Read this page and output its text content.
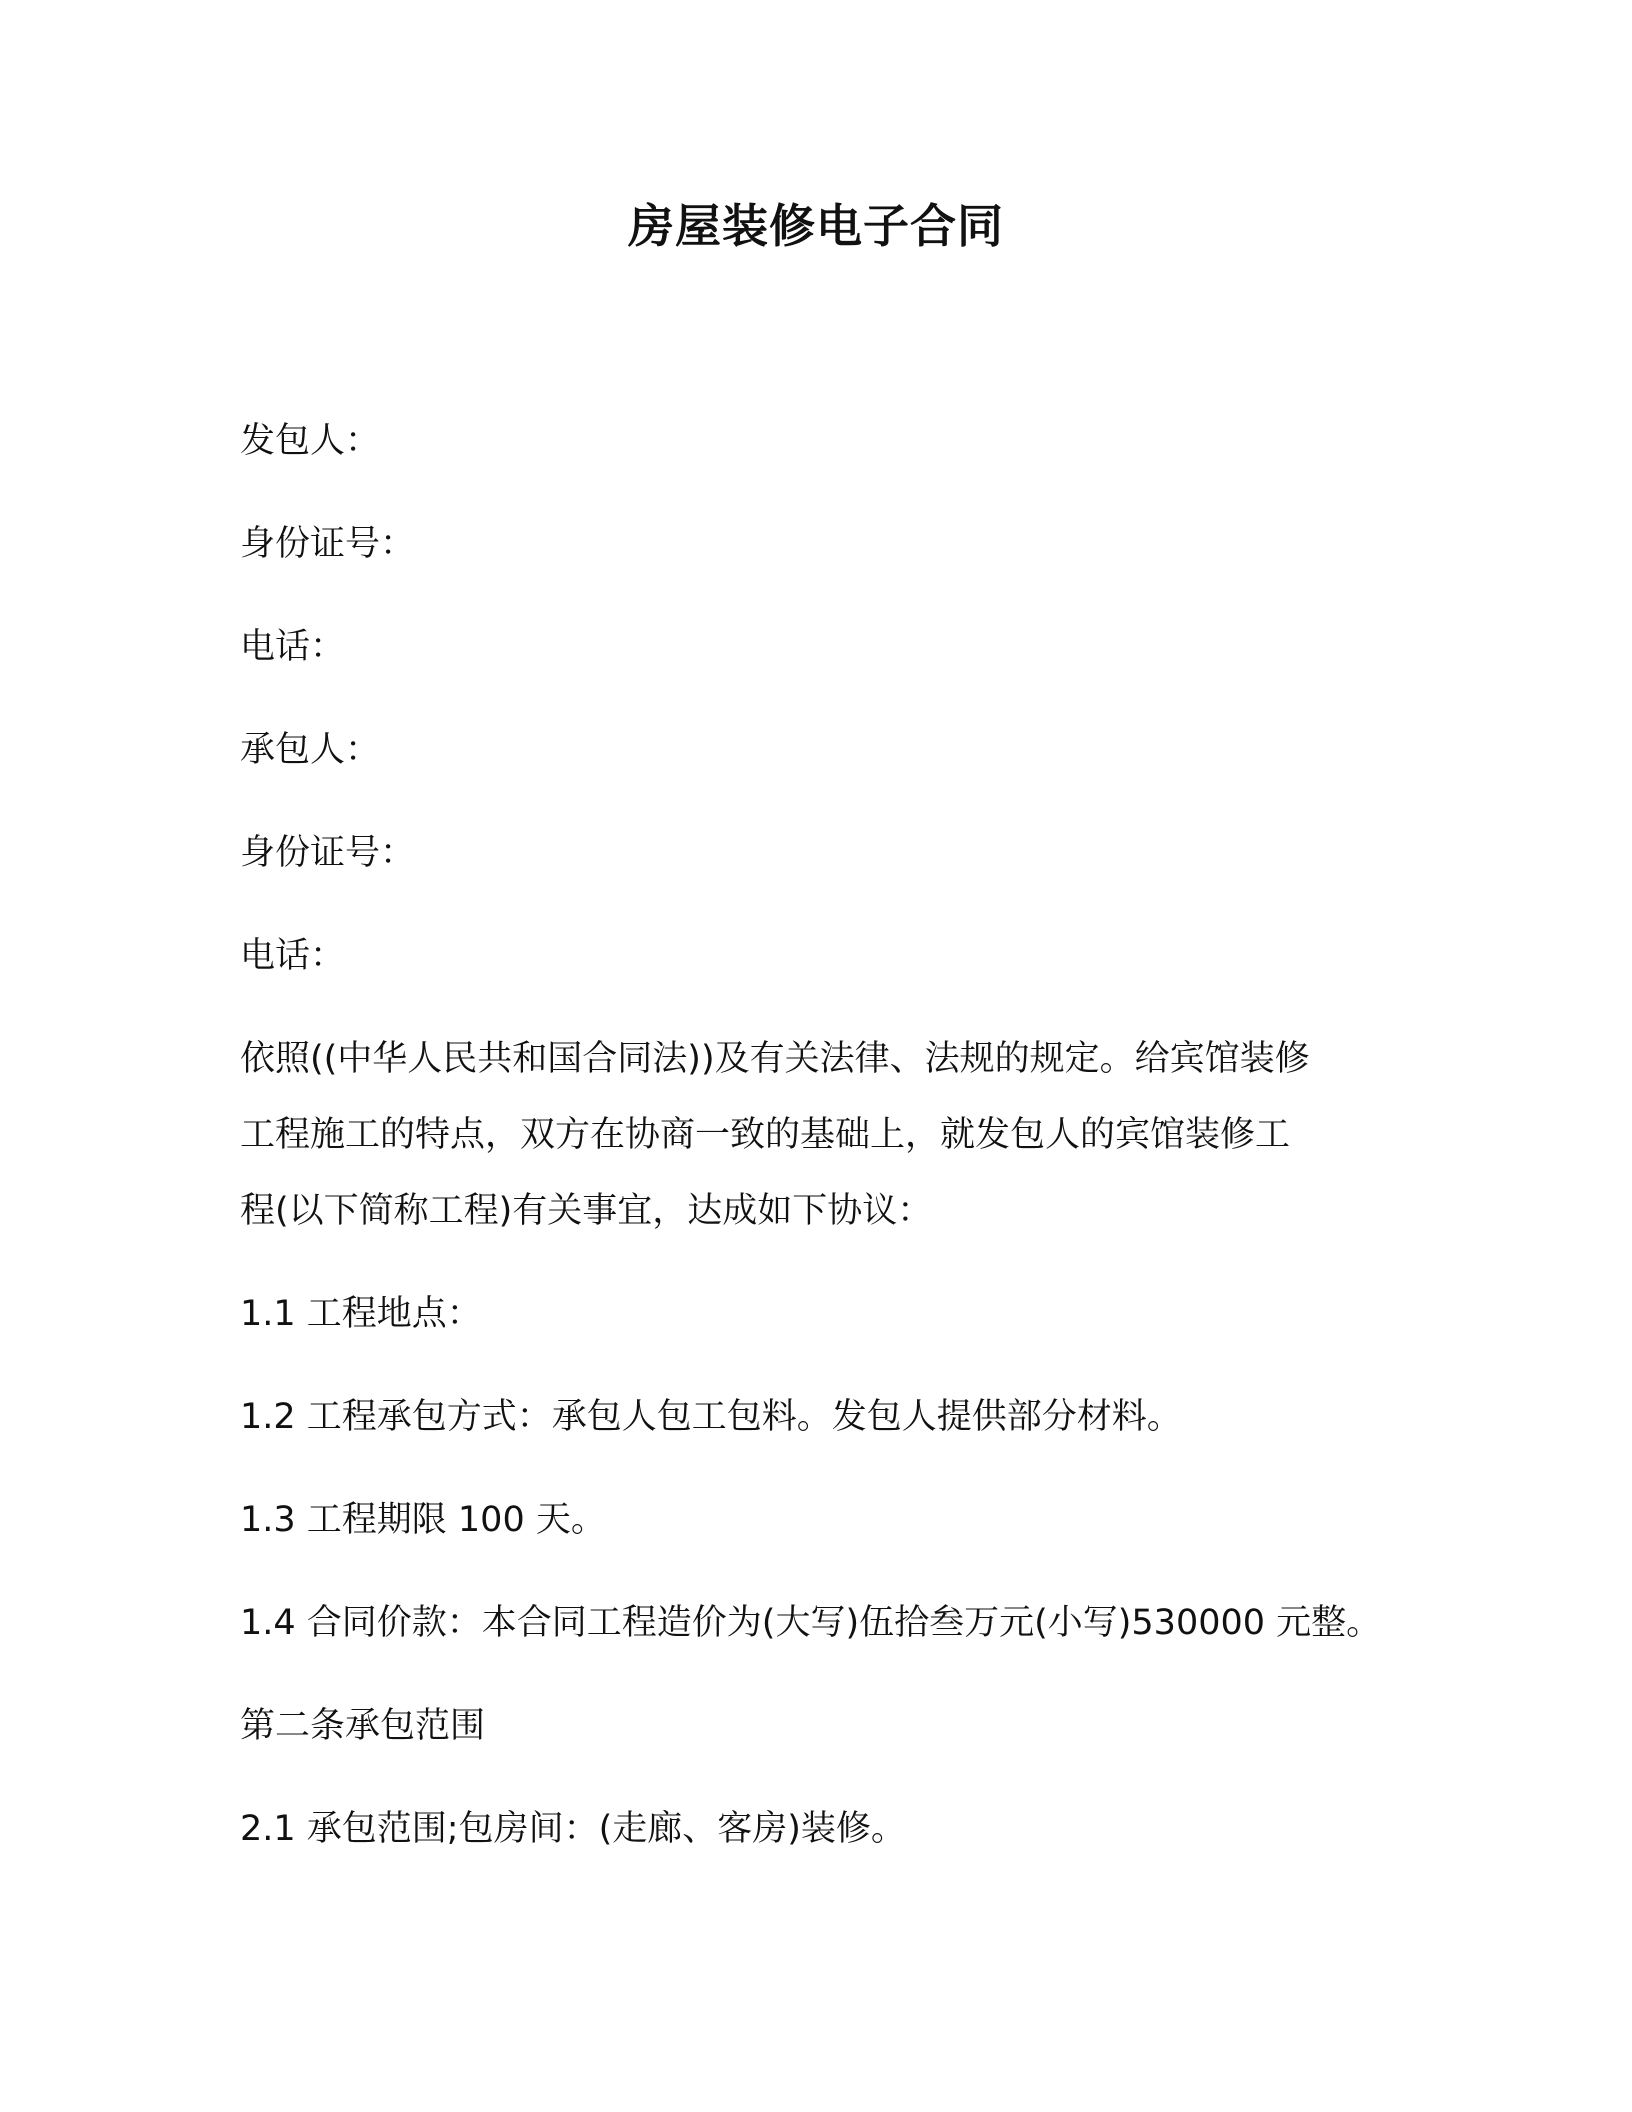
房屋装修电子合同
发包人：
身份证号：
电话：
承包人：
身份证号：
电话：
依照((中华人民共和国合同法))及有关法律、法规的规定。给宾馆装修
工程施工的特点，双方在协商一致的基础上，就发包人的宾馆装修工
程(以下简称工程)有关事宜，达成如下协议：
1.1 工程地点：
1.2 工程承包方式：承包人包工包料。发包人提供部分材料。
1.3 工程期限 100 天。
1.4 合同价款：本合同工程造价为(大写)伍拾叁万元(小写)530000 元整。
第二条承包范围
2.1 承包范围;包房间：(走廊、客房)装修。
